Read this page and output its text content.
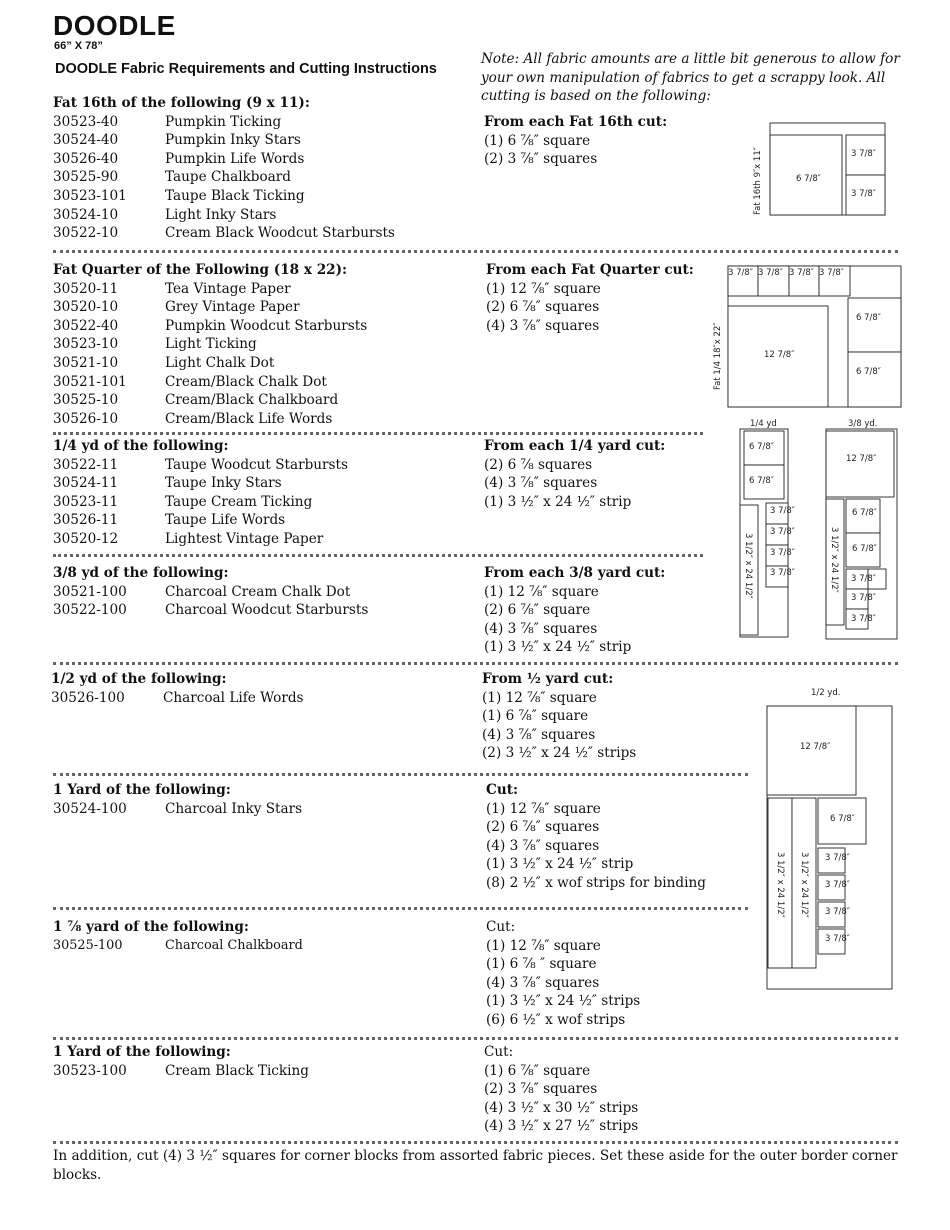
DOODLE
66” X 78”
DOODLE Fabric Requirements and Cutting Instructions
Note: All fabric amounts are a little bit generous to allow for your own manipulation of fabrics to get a scrappy look. All cutting is based on the following:
Fat 16th of the following (9 x 11):
30523-40	Pumpkin Ticking
30524-40	Pumpkin Inky Stars
30526-40	Pumpkin Life Words
30525-90	Taupe Chalkboard
30523-101	Taupe Black Ticking
30524-10	Light Inky Stars
30522-10	Cream Black Woodcut Starbursts
From each Fat 16th cut:
(1) 6 ⅞″ square
(2) 3 ⅞″ squares
Fat Quarter of the Following (18 x 22):
30520-11	Tea Vintage Paper
30520-10	Grey Vintage Paper
30522-40	Pumpkin Woodcut Starbursts
30523-10	Light Ticking
30521-10	Light Chalk Dot
30521-101	Cream/Black Chalk Dot
30525-10	Cream/Black Chalkboard
30526-10	Cream/Black Life Words
From each Fat Quarter cut:
(1) 12 ⅞″ square
(2) 6 ⅞″ squares
(4) 3 ⅞″ squares
1/4 yd of the following:
30522-11	Taupe Woodcut Starbursts
30524-11	Taupe Inky Stars
30523-11	Taupe Cream Ticking
30526-11	Taupe Life Words
30520-12	Lightest Vintage Paper
From each 1/4 yard cut:
(2) 6 ⅞ squares
(4) 3 ⅞″ squares
(1) 3 ½″ x 24 ½″ strip
3/8 yd of the following:
30521-100	Charcoal Cream Chalk Dot
30522-100	Charcoal Woodcut Starbursts
From each 3/8 yard cut:
(1) 12 ⅞″ square
(2) 6 ⅞″ square
(4) 3 ⅞″ squares
(1) 3 ½″ x 24 ½″ strip
1/2 yd of the following:
30526-100	Charcoal Life Words
From ½ yard cut:
(1) 12 ⅞″ square
(1) 6 ⅞″ square
(4) 3 ⅞″ squares
(2) 3 ½″ x 24 ½″ strips
1 Yard of the following:
30524-100	Charcoal Inky Stars
Cut:
(1) 12 ⅞″ square
(2) 6 ⅞″ squares
(4) 3 ⅞″ squares
(1) 3 ½″ x 24 ½″ strip
(8) 2 ½″ x wof strips for binding
1 ⅞ yard of the following:
30525-100	Charcoal Chalkboard
Cut:
(1) 12 ⅞″ square
(1) 6 ⅞ ″ square
(4) 3 ⅞″ squares
(1) 3 ½″ x 24 ½″ strips
(6) 6 ½″ x wof strips
1 Yard of the following:
30523-100	Cream Black Ticking
Cut:
(1) 6 ⅞″ square
(2) 3 ⅞″ squares
(4) 3 ½″ x 30 ½″ strips
(4) 3 ½″ x 27 ½″ strips
In addition, cut (4) 3 ½″ squares for corner blocks from assorted fabric pieces. Set these aside for the outer border corner blocks.
Fat 16th 9″x 11″	6 7/8″
3 7/8″
3 7/8″
Fat 1/4 18″x 22″
3 7/8″ 3 7/8″ 3 7/8″ 3 7/8″
12 7/8″
6 7/8″
6 7/8″
1/4 yd
6 7/8″
6 7/8″
3 1/2″ x 24 1/2″
3 7/8″
3 7/8″
3 7/8″
3 7/8″
3/8 yd.
12 7/8″
3 1/2″ x 24 1/2″
6 7/8″
6 7/8″
3 7/8″
3 7/8″
3 7/8″
1/2 yd.
12 7/8″
3 1/2″ x 24 1/2″ 3 1/2″ x 24 1/2″
6 7/8″
3 7/8″
3 7/8″
3 7/8″
3 7/8″
